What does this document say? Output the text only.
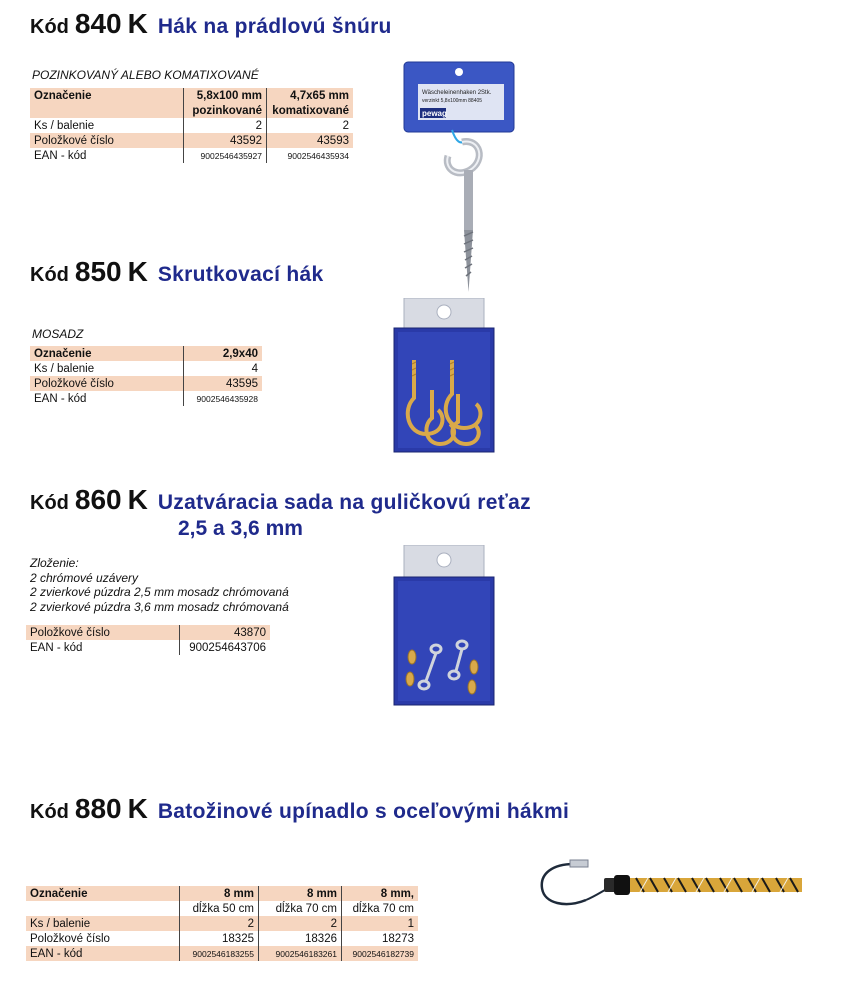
Kód 840 K Hák na prádlovú šnúru
POZINKOVANÝ ALEBO KOMATIXOVANÉ
Označenie	5,8x100 mm	4,7x65 mm
	pozinkované	komatixované
Ks / balenie	2	2
Položkové číslo	43592	43593
EAN - kód	9002546435927	9002546435934
Wäscheleinenhaken 2Stk.
verzinkt 5,8x100mm 88405
pewag
Kód 850 K Skrutkovací hák
MOSADZ
Označenie	2,9x40
Ks / balenie	4
Položkové číslo	43595
EAN - kód	9002546435928
Kód 860 K Uzatváracia sada na guličkovú reťaz
2,5 a 3,6 mm
Zloženie:
2 chrómové uzávery
2 zvierkové púzdra 2,5 mm mosadz chrómovaná
2 zvierkové púzdra 3,6 mm mosadz chrómovaná
Položkové číslo	43870
EAN - kód	900254643706
Kód 880 K Batožinové upínadlo s oceľovými hákmi
Označenie	8 mm	8 mm	8 mm,
	dĺžka 50 cm	dĺžka 70 cm	dĺžka 70 cm
Ks / balenie	2	2	1
Položkové číslo	18325	18326	18273
EAN - kód	9002546183255	9002546183261	9002546182739
